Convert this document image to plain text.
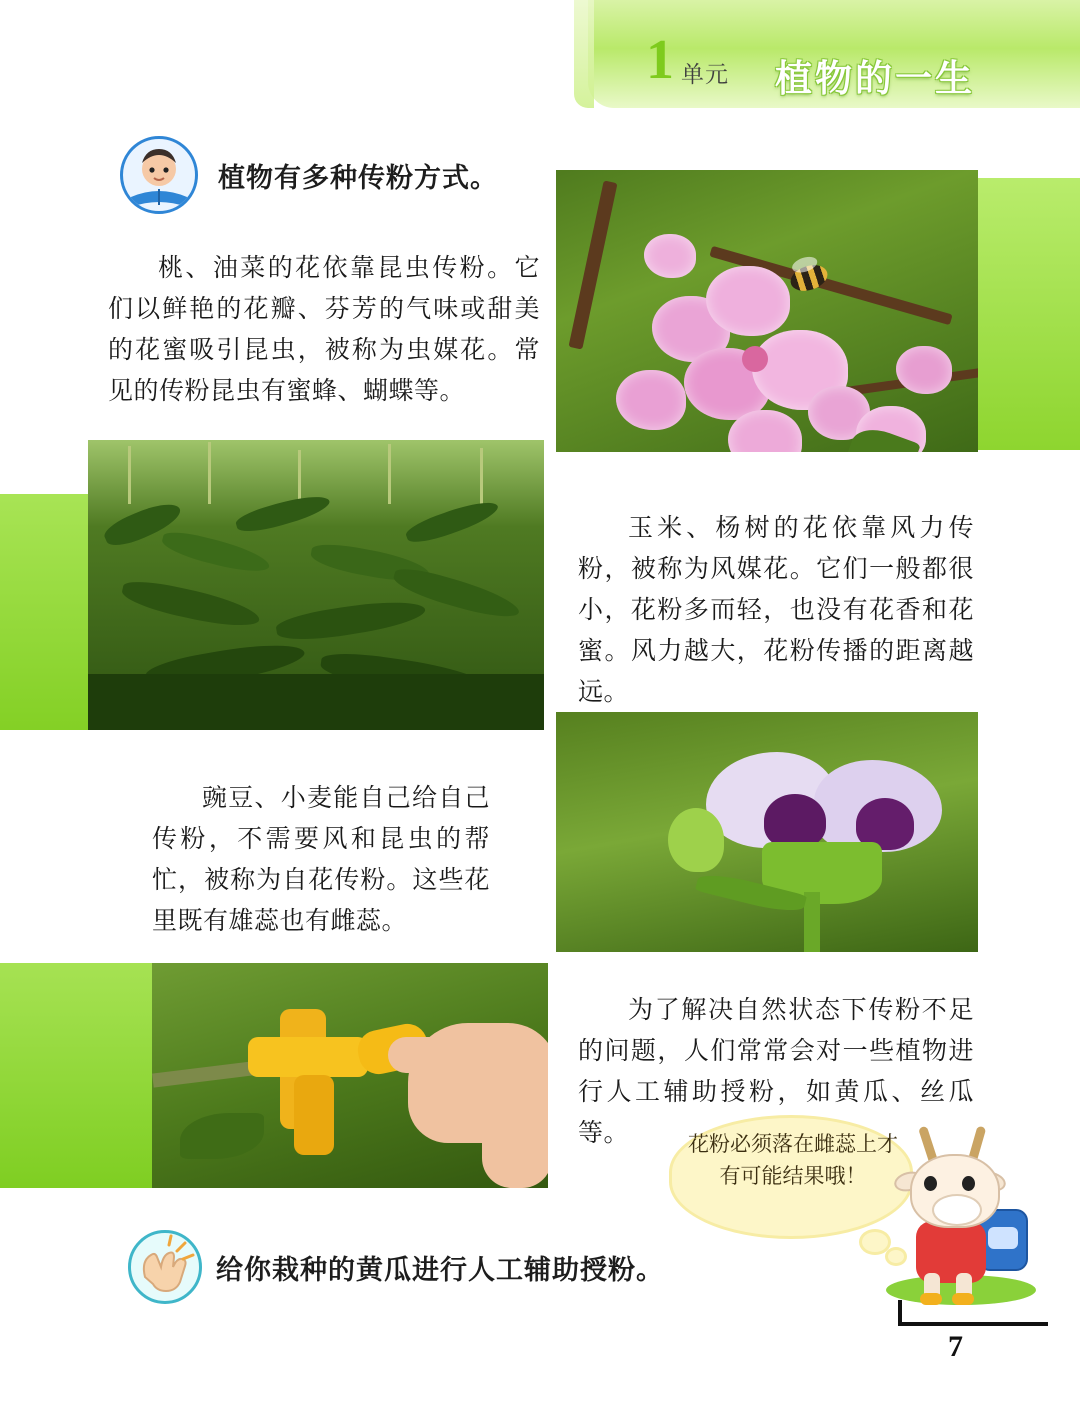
1 单元 植物的一生
植物有多种传粉方式。
桃、油菜的花依靠昆虫传粉。它们以鲜艳的花瓣、芬芳的气味或甜美的花蜜吸引昆虫，被称为虫媒花。常见的传粉昆虫有蜜蜂、蝴蝶等。
玉米、杨树的花依靠风力传粉，被称为风媒花。它们一般都很小，花粉多而轻，也没有花香和花蜜。风力越大，花粉传播的距离越远。
豌豆、小麦能自己给自己传粉，不需要风和昆虫的帮忙，被称为自花传粉。这些花里既有雄蕊也有雌蕊。
为了解决自然状态下传粉不足的问题，人们常常会对一些植物进行人工辅助授粉，如黄瓜、丝瓜等。	花粉必须落在雌蕊上才有可能结果哦！
给你栽种的黄瓜进行人工辅助授粉。
7
